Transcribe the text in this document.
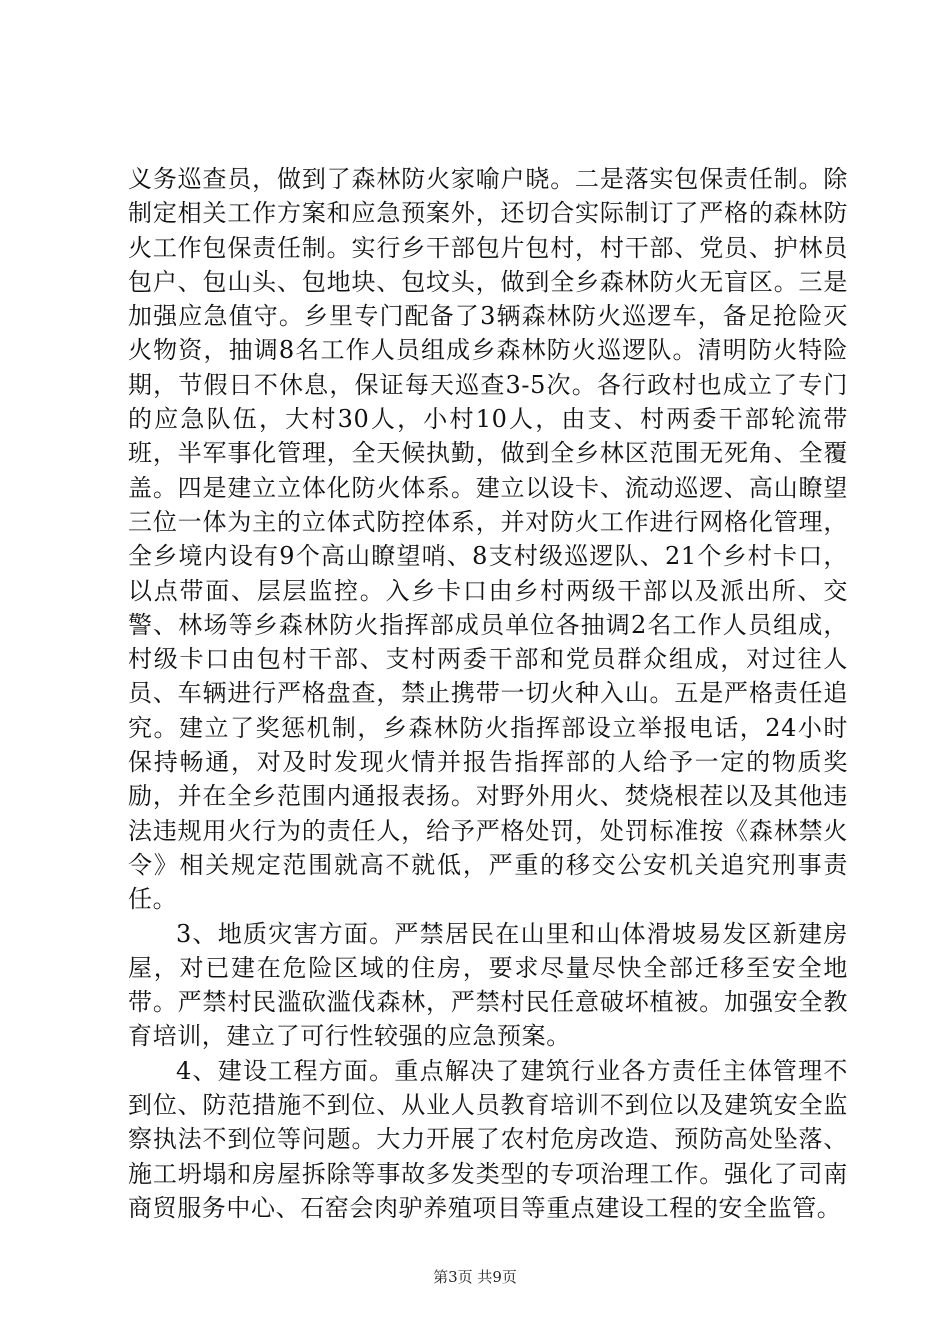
义务巡查员，做到了森林防火家喻户晓。二是落实包保责任制。除制定相关工作方案和应急预案外，还切合实际制订了严格的森林防火工作包保责任制。实行乡干部包片包村，村干部、党员、护林员包户、包山头、包地块、包坟头，做到全乡森林防火无盲区。三是加强应急值守。乡里专门配备了3辆森林防火巡逻车，备足抢险灭火物资，抽调8名工作人员组成乡森林防火巡逻队。清明防火特险期，节假日不休息，保证每天巡查3-5次。各行政村也成立了专门的应急队伍，大村30人，小村10人，由支、村两委干部轮流带班，半军事化管理，全天候执勤，做到全乡林区范围无死角、全覆盖。四是建立立体化防火体系。建立以设卡、流动巡逻、高山瞭望三位一体为主的立体式防控体系，并对防火工作进行网格化管理，全乡境内设有9个高山瞭望哨、8支村级巡逻队、21个乡村卡口，以点带面、层层监控。入乡卡口由乡村两级干部以及派出所、交警、林场等乡森林防火指挥部成员单位各抽调2名工作人员组成，村级卡口由包村干部、支村两委干部和党员群众组成，对过往人员、车辆进行严格盘查，禁止携带一切火种入山。五是严格责任追究。建立了奖惩机制，乡森林防火指挥部设立举报电话，24小时保持畅通，对及时发现火情并报告指挥部的人给予一定的物质奖励，并在全乡范围内通报表扬。对野外用火、焚烧根茬以及其他违法违规用火行为的责任人，给予严格处罚，处罚标准按《森林禁火令》相关规定范围就高不就低，严重的移交公安机关追究刑事责任。

3、地质灾害方面。严禁居民在山里和山体滑坡易发区新建房屋，对已建在危险区域的住房，要求尽量尽快全部迁移至安全地带。严禁村民滥砍滥伐森林，严禁村民任意破坏植被。加强安全教育培训，建立了可行性较强的应急预案。

4、建设工程方面。重点解决了建筑行业各方责任主体管理不到位、防范措施不到位、从业人员教育培训不到位以及建筑安全监察执法不到位等问题。大力开展了农村危房改造、预防高处坠落、施工坍塌和房屋拆除等事故多发类型的专项治理工作。强化了司南商贸服务中心、石窑会肉驴养殖项目等重点建设工程的安全监管。

第3页 共9页
